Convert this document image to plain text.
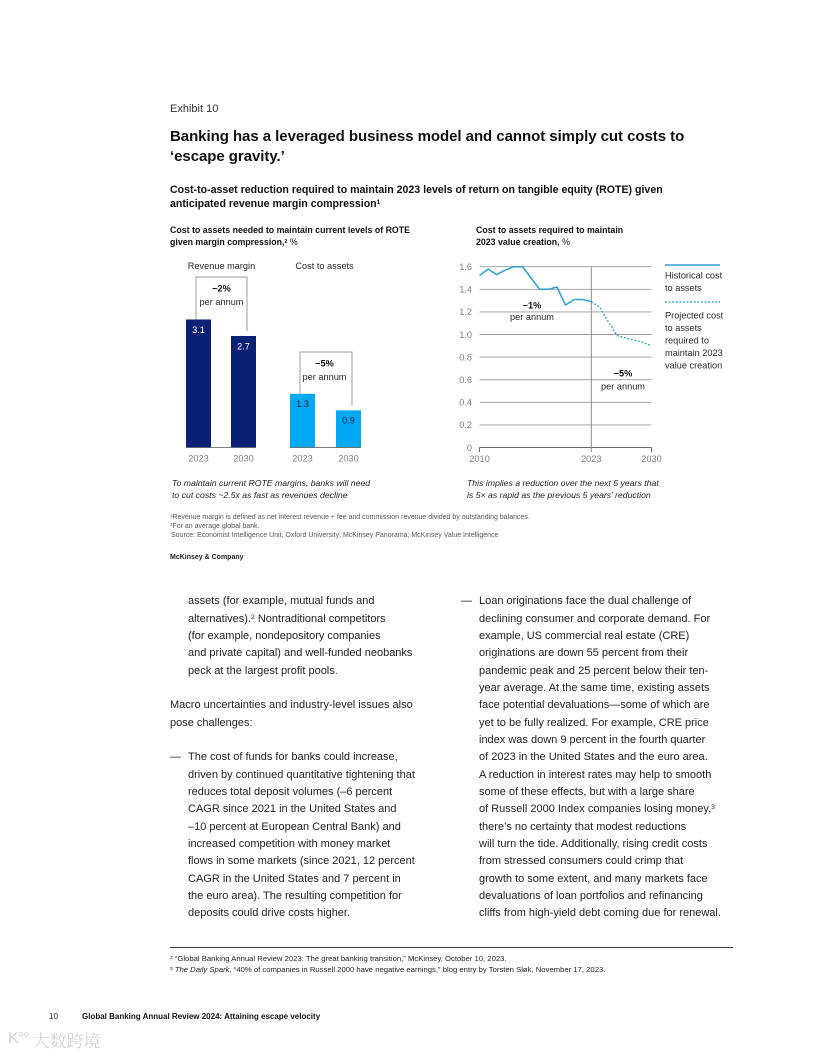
Exhibit 10
Banking has a leveraged business model and cannot simply cut costs to
‘escape gravity.’
Cost-to-asset reduction required to maintain 2023 levels of return on tangible equity (ROTE) given
anticipated revenue margin compression$^1$
Cost to assets needed to maintain current levels of ROTE
given margin compression,$^2$ %
Cost to assets required to maintain
2023 value creation, %
Revenue margin	Cost to assets
−2%
per annum
−5%
per annum
3.1
2023
2.7
2030
1.3
2023
0.9
2030
0
0.2
0.4
0.6
0.8
1.0
1.2
1.4
1.6
2010	2023	2030
−1%
per annum
−5%
per annum
Historical cost
to assets
Projected cost
to assets
required to
maintain 2023
value creation
To maintain current ROTE margins, banks will need
to cut costs ~2.5x as fast as revenues decline
This implies a reduction over the next 5 years that
is 5× as rapid as the previous 5 years’ reduction
$^1$Revenue margin is defined as net interest revenue + fee and commission revenue divided by outstanding balances.
$^2$For an average global bank.
Source: Economist Intelligence Unit, Oxford University; McKinsey Panorama; McKinsey Value Intelligence
McKinsey & Company
assets (for example, mutual funds and
alternatives).$^2$ Nontraditional competitors
(for example, nondepository companies
and private capital) and well-funded neobanks
peck at the largest profit pools.
Macro uncertainties and industry-level issues also
pose challenges:
— The cost of funds for banks could increase,
driven by continued quantitative tightening that
reduces total deposit volumes (–6 percent
CAGR since 2021 in the United States and
–10 percent at European Central Bank) and
increased competition with money market
flows in some markets (since 2021, 12 percent
CAGR in the United States and 7 percent in
the euro area). The resulting competition for
deposits could drive costs higher.
— Loan originations face the dual challenge of
declining consumer and corporate demand. For
example, US commercial real estate (CRE)
originations are down 55 percent from their
pandemic peak and 25 percent below their ten-
year average. At the same time, existing assets
face potential devaluations—some of which are
yet to be fully realized. For example, CRE price
index was down 9 percent in the fourth quarter
of 2023 in the United States and the euro area.
A reduction in interest rates may help to smooth
some of these effects, but with a large share
of Russell 2000 Index companies losing money,$^3$
there’s no certainty that modest reductions
will turn the tide. Additionally, rising credit costs
from stressed consumers could crimp that
growth to some extent, and many markets face
devaluations of loan portfolios and refinancing
cliffs from high-yield debt coming due for renewal.
$^2$ “Global Banking Annual Review 2023: The great banking transition,” McKinsey, October 10, 2023.
$^3$ The Daily Spark, “40% of companies in Russell 2000 have negative earnings,” blog entry by Torsten Sløk, November 17, 2023.
10	Global Banking Annual Review 2024: Attaining escape velocity
K°° 大数跨境
